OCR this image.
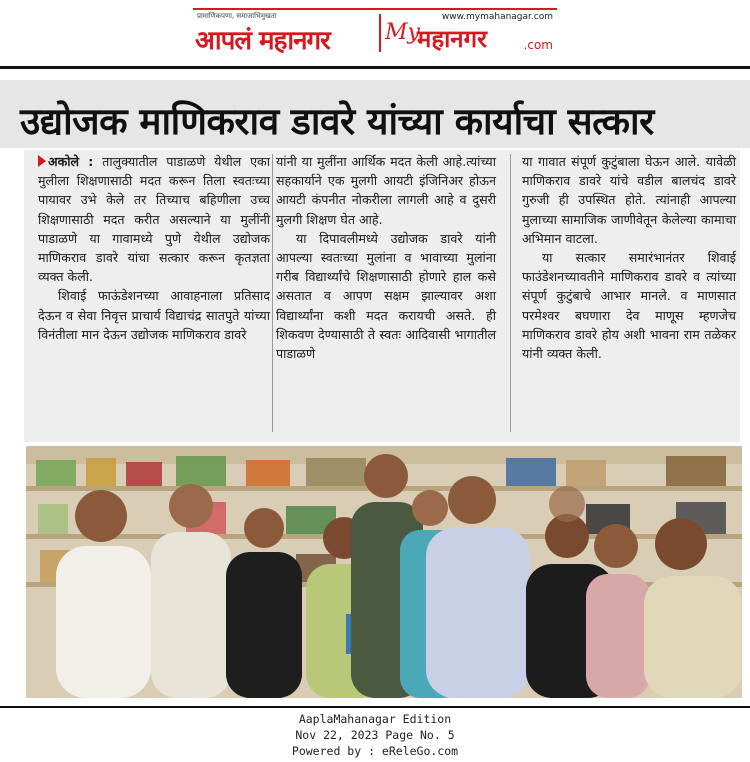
प्रामाणिकपणा, समाजाभिमुखता
आपलं महानगर
www.mymahanagar.com
My
महानगर	.com
उद्योजक माणिकराव डावरे यांच्या कार्याचा सत्कार

अकोले : तालुक्यातील पाडाळणे येथील एका मुलीला शिक्षणासाठी मदत करून तिला स्वतःच्या पायावर उभे केले तर तिच्याच बहिणीला उच्च शिक्षणासाठी मदत करीत असल्याने या मुलींनी पाडाळणे या गावामध्ये पुणे येथील उद्योजक माणिकराव डावरे यांचा सत्कार करून कृतज्ञता व्यक्त केली.

शिवाई फाऊंडेशनच्या आवाहनाला प्रतिसाद देऊन व सेवा निवृत्त प्राचार्य विद्याचंद्र सातपुते यांच्या विनंतीला मान देऊन उद्योजक माणिकराव डावरे

यांनी या मुलींना आर्थिक मदत केली आहे.त्यांच्या सहकार्याने एक मुलगी आयटी इंजिनिअर होऊन आयटी कंपनीत नोकरीला लागली आहे व दुसरी मुलगी शिक्षण घेत आहे.

या दिपावलीमध्ये उद्योजक डावरे यांनी आपल्या स्वतःच्या मुलांना व भावाच्या मुलांना गरीब विद्यार्थ्यांचे शिक्षणासाठी होणारे हाल कसे असतात व आपण सक्षम झाल्यावर अशा विद्यार्थ्यांना कशी मदत करायची असते. ही शिकवण देण्यासाठी ते स्वतः आदिवासी भागातील पाडाळणे

या गावात संपूर्ण कुटुंबाला घेऊन आले. यावेळी माणिकराव डावरे यांचे वडील बालचंद डावरे गुरुजी ही उपस्थित होते. त्यांनाही आपल्या मुलाच्या सामाजिक जाणीवेतून केलेल्या कामाचा अभिमान वाटला.

या सत्कार समारंभानंतर शिवाई फाउंडेशनच्यावतीने माणिकराव डावरे व त्यांच्या संपूर्ण कुटुंबाचे आभार मानले. व माणसात परमेश्वर बघणारा देव माणूस म्हणजेच माणिकराव डावरे होय अशी भावना राम तळेकर यांनी व्यक्त केली.

AaplaMahanagar Edition
Nov 22, 2023 Page No. 5
Powered by : eReleGo.com
